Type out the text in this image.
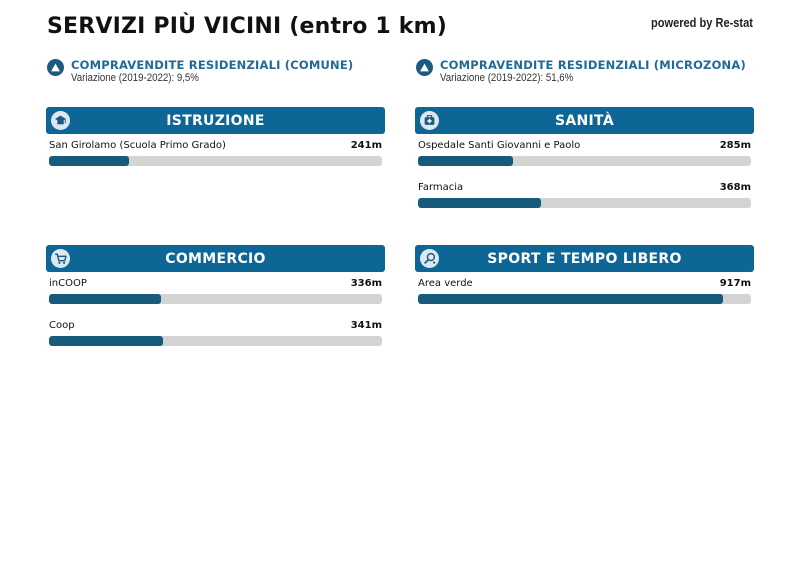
SERVIZI PIÙ VICINI (entro 1 km)	powered by Re-stat
COMPRAVENDITE RESIDENZIALI (COMUNE)
Variazione (2019-2022): 9,5%
COMPRAVENDITE RESIDENZIALI (MICROZONA)
Variazione (2019-2022): 51,6%
ISTRUZIONE
San Girolamo (Scuola Primo Grado)	241m
SANITÀ
Ospedale Santi Giovanni e Paolo	285m
Farmacia	368m
COMMERCIO
inCOOP	336m
Coop	341m
SPORT E TEMPO LIBERO
Area verde	917m
